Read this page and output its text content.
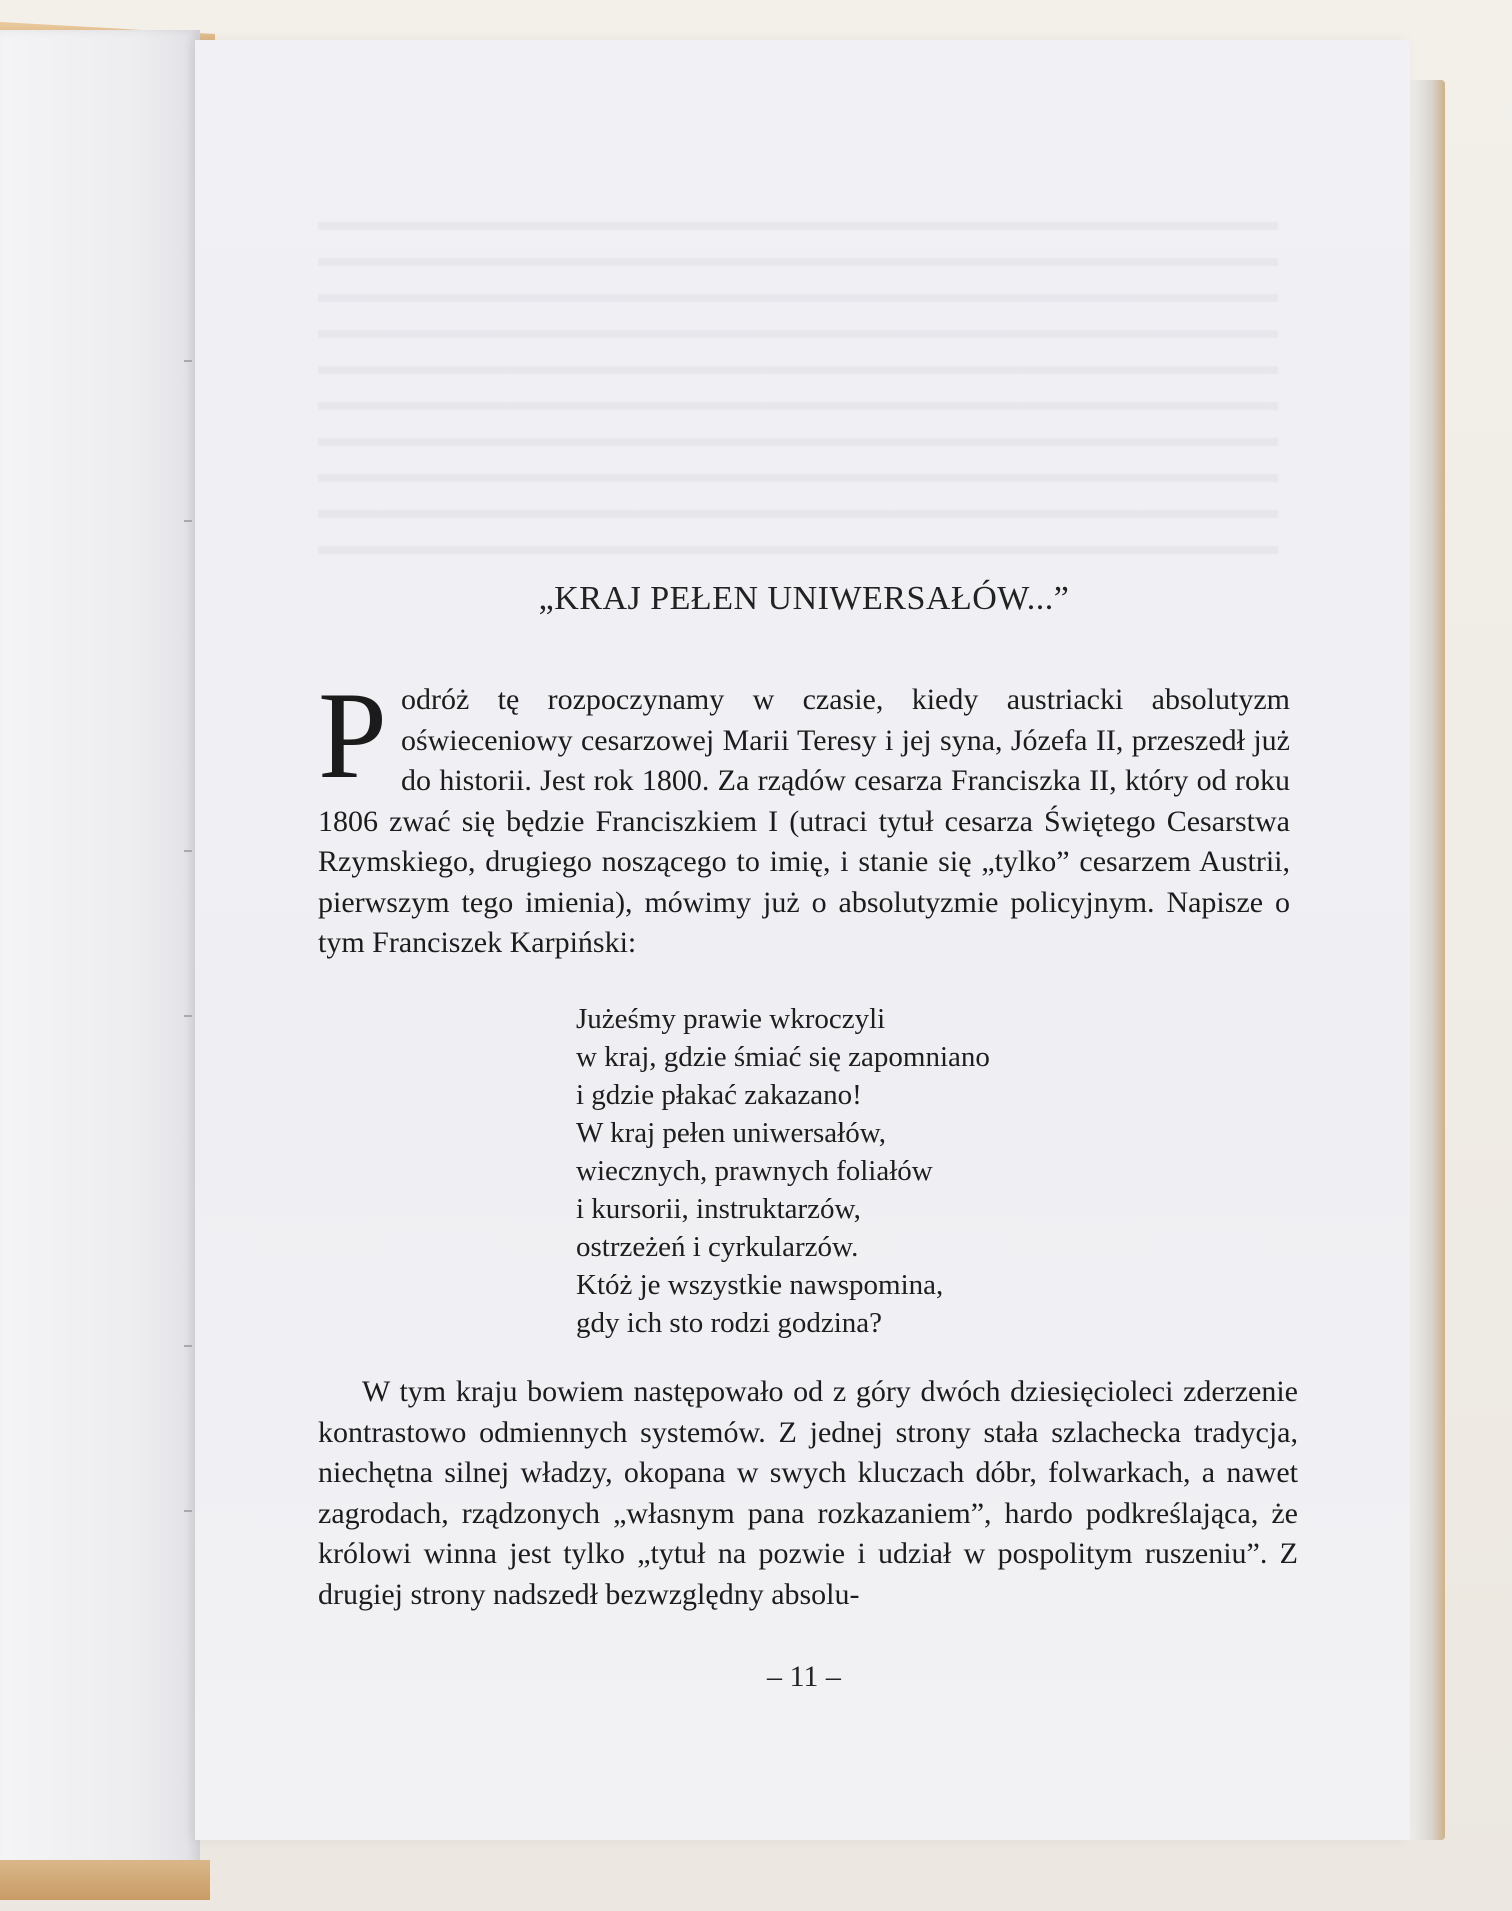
„KRAJ PEŁEN UNIWERSAŁÓW...”

Podróż tę rozpoczynamy w czasie, kiedy austriacki absolutyzm oświeceniowy cesarzowej Marii Teresy i jej syna, Józefa II, przeszedł już do historii. Jest rok 1800. Za rządów cesarza Franciszka II, który od roku 1806 zwać się będzie Franciszkiem I (utraci tytuł cesarza Świętego Cesarstwa Rzymskiego, drugiego noszącego to imię, i stanie się „tylko” cesarzem Austrii, pierwszym tego imienia), mówimy już o absolutyzmie policyjnym. Napisze o tym Franciszek Karpiński:

Jużeśmy prawie wkroczyli
w kraj, gdzie śmiać się zapomniano
i gdzie płakać zakazano!
W kraj pełen uniwersałów,
wiecznych, prawnych foliałów
i kursorii, instruktarzów,
ostrzeżeń i cyrkularzów.
Któż je wszystkie nawspomina,
gdy ich sto rodzi godzina?

W tym kraju bowiem następowało od z góry dwóch dziesięcioleci zderzenie kontrastowo odmiennych systemów. Z jednej strony stała szlachecka tradycja, niechętna silnej władzy, okopana w swych kluczach dóbr, folwarkach, a nawet zagrodach, rządzonych „własnym pana rozkazaniem”, hardo podkreślająca, że królowi winna jest tylko „tytuł na pozwie i udział w pospolitym ruszeniu”. Z drugiej strony nadszedł bezwzględny absolu-

– 11 –
